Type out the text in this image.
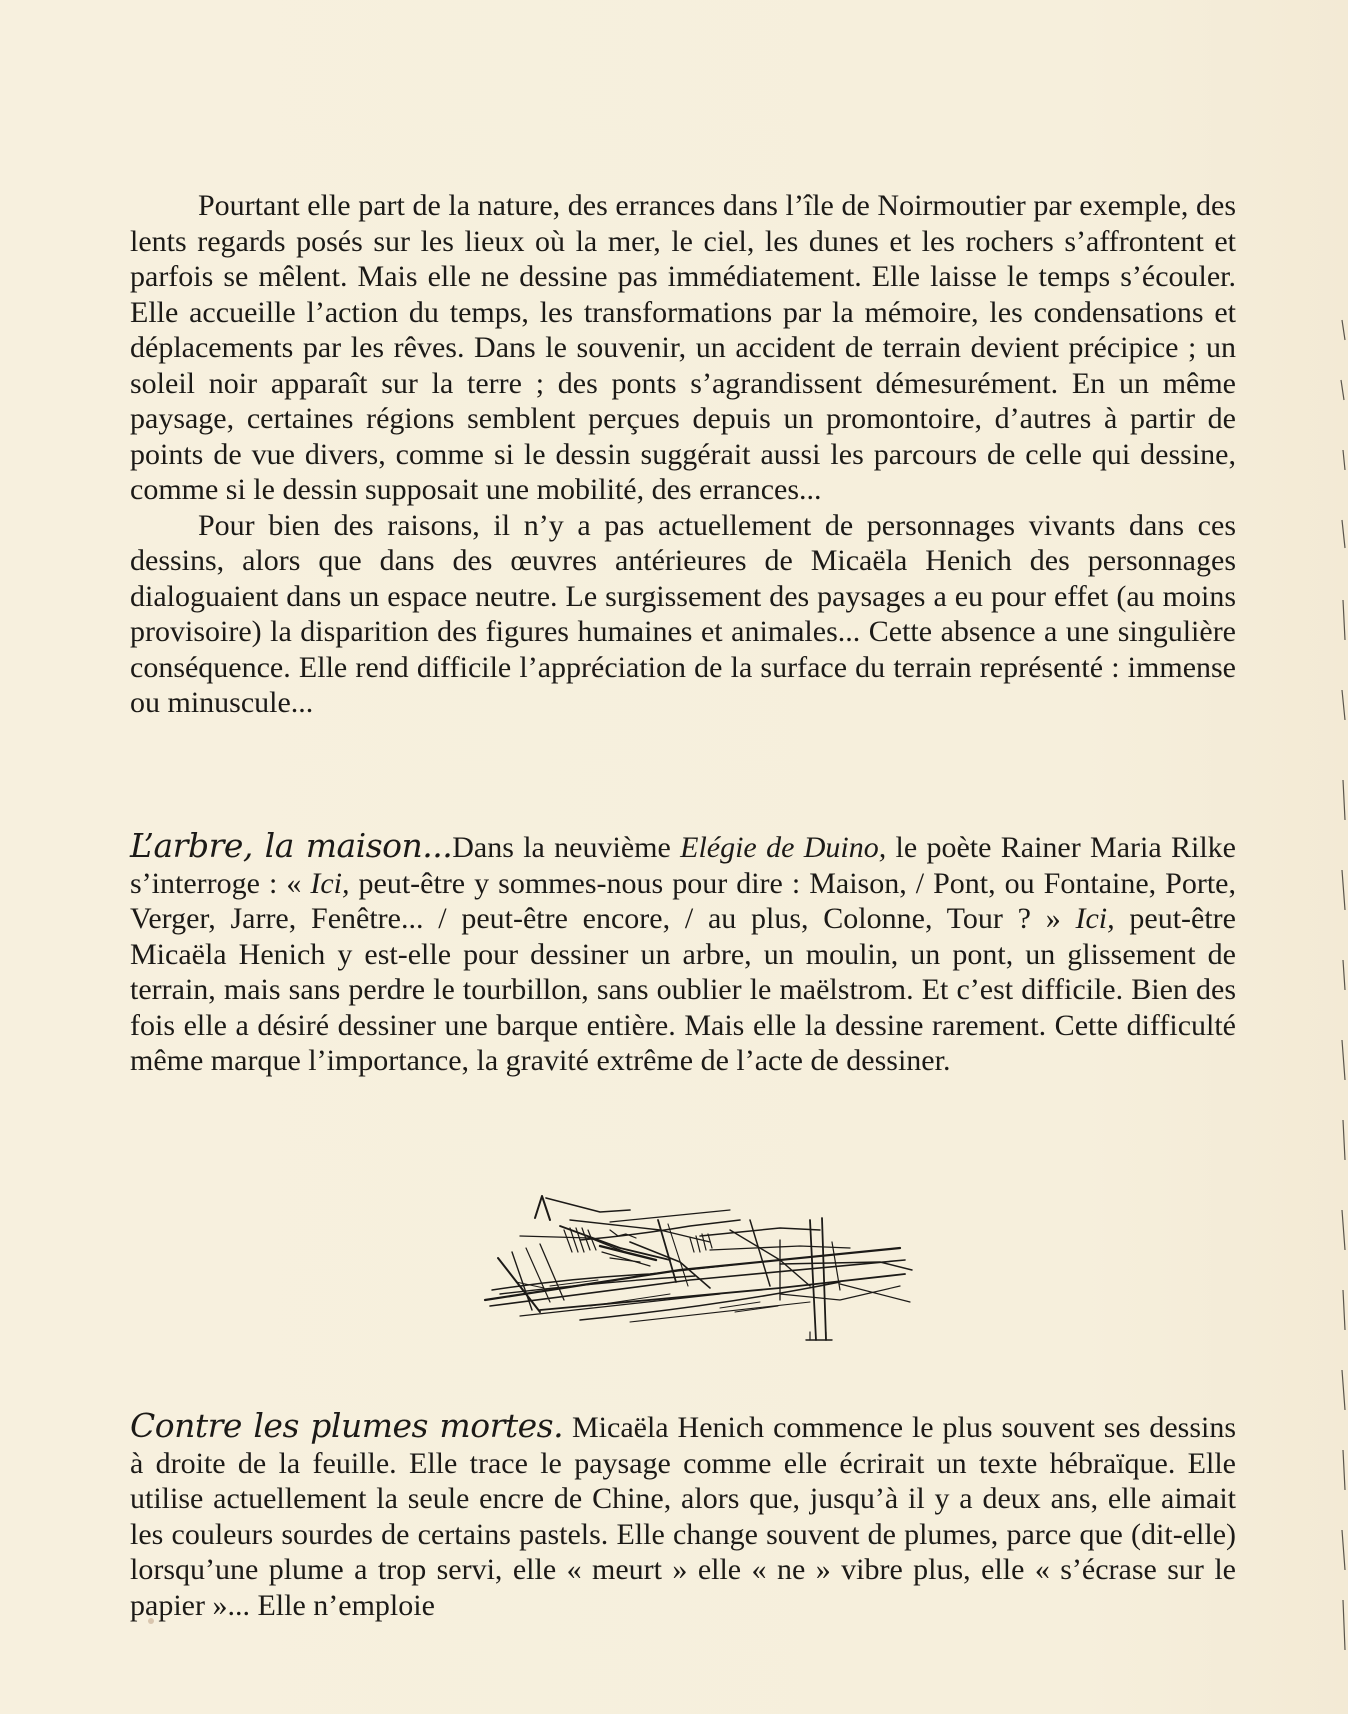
Pourtant elle part de la nature, des errances dans l’île de Noirmoutier par exemple, des lents regards posés sur les lieux où la mer, le ciel, les dunes et les rochers s’affrontent et parfois se mêlent. Mais elle ne dessine pas immédiatement. Elle laisse le temps s’écouler. Elle accueille l’action du temps, les transformations par la mémoire, les condensations et déplacements par les rêves. Dans le souvenir, un accident de terrain devient précipice ; un soleil noir apparaît sur la terre ; des ponts s’agrandissent démesurément. En un même paysage, certaines régions semblent perçues depuis un promontoire, d’autres à partir de points de vue divers, comme si le dessin suggérait aussi les parcours de celle qui dessine, comme si le dessin supposait une mobilité, des errances...

Pour bien des raisons, il n’y a pas actuellement de personnages vivants dans ces dessins, alors que dans des œuvres antérieures de Micaëla Henich des personnages dialoguaient dans un espace neutre. Le surgissement des paysages a eu pour effet (au moins provisoire) la disparition des figures humaines et animales... Cette absence a une singulière conséquence. Elle rend difficile l’appréciation de la surface du terrain représenté : immense ou minuscule...

L’arbre, la maison...Dans la neuvième Elégie de Duino, le poète Rainer Maria Rilke s’interroge : « Ici, peut-être y sommes-nous pour dire : Maison, / Pont, ou Fontaine, Porte, Verger, Jarre, Fenêtre... / peut-être encore, / au plus, Colonne, Tour ? » Ici, peut-être Micaëla Henich y est-elle pour dessiner un arbre, un moulin, un pont, un glissement de terrain, mais sans perdre le tourbillon, sans oublier le maëlstrom. Et c’est difficile. Bien des fois elle a désiré dessiner une barque entière. Mais elle la dessine rarement. Cette difficulté même marque l’importance, la gravité extrême de l’acte de dessiner.

Contre les plumes mortes. Micaëla Henich commence le plus souvent ses dessins à droite de la feuille. Elle trace le paysage comme elle écrirait un texte hébraïque. Elle utilise actuellement la seule encre de Chine, alors que, jusqu’à il y a deux ans, elle aimait les couleurs sourdes de certains pastels. Elle change souvent de plumes, parce que (dit-elle) lorsqu’une plume a trop servi, elle « meurt » elle « ne » vibre plus, elle « s’écrase sur le papier »... Elle n’emploie
